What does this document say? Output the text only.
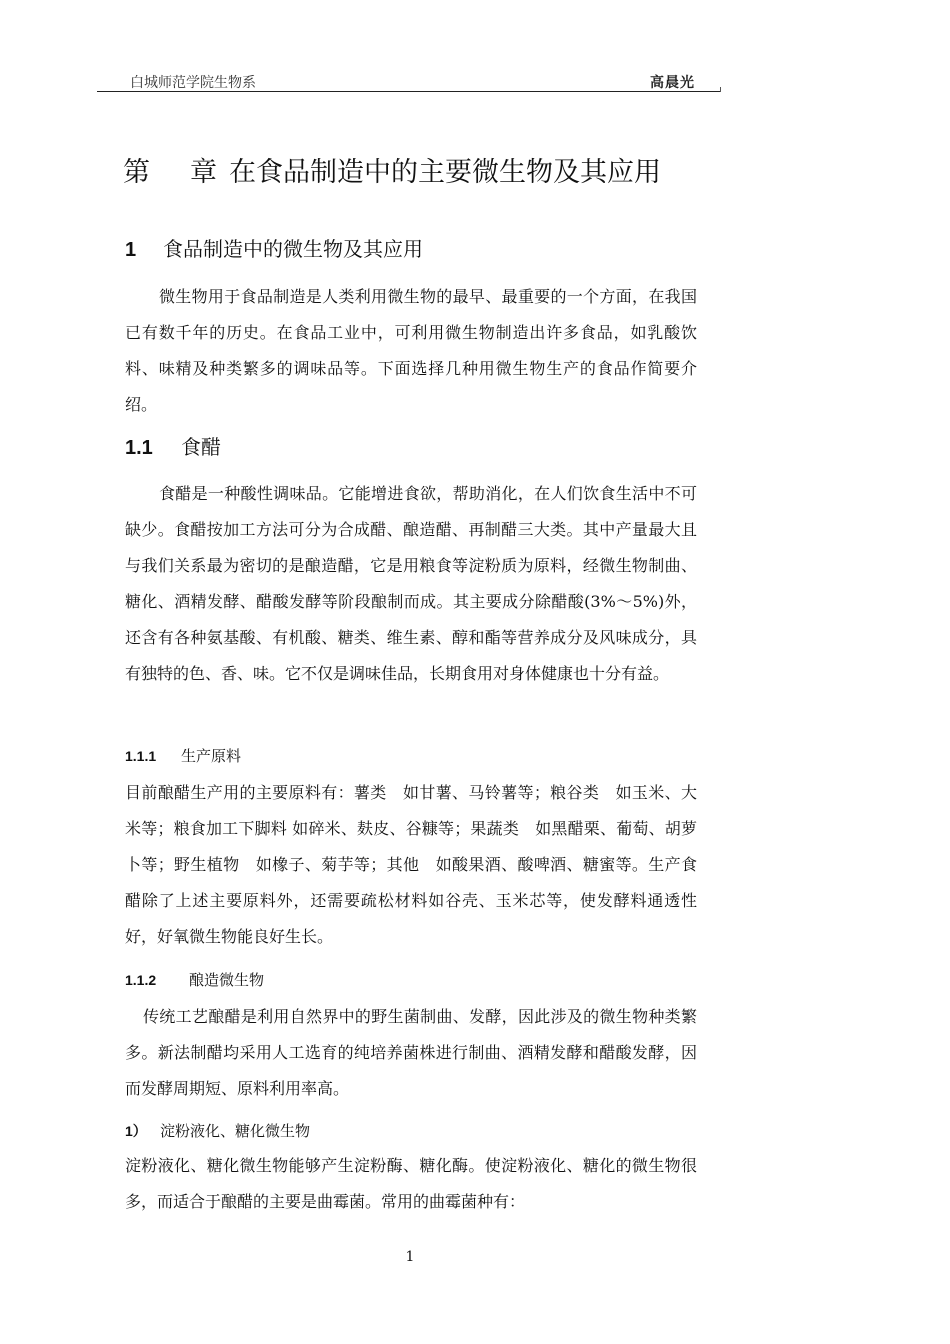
白城师范学院生物系	高晨光
第 章 在食品制造中的主要微生物及其应用
1 食品制造中的微生物及其应用
微生物用于食品制造是人类利用微生物的最早、最重要的一个方面，在我国已有数千年的历史。在食品工业中，可利用微生物制造出许多食品，如乳酸饮料、味精及种类繁多的调味品等。下面选择几种用微生物生产的食品作简要介绍。
1.1 食醋
食醋是一种酸性调味品。它能增进食欲，帮助消化，在人们饮食生活中不可缺少。食醋按加工方法可分为合成醋、酿造醋、再制醋三大类。其中产量最大且与我们关系最为密切的是酿造醋，它是用粮食等淀粉质为原料，经微生物制曲、糖化、酒精发酵、醋酸发酵等阶段酿制而成。其主要成分除醋酸(3%～5%)外，还含有各种氨基酸、有机酸、糖类、维生素、醇和酯等营养成分及风味成分，具有独特的色、香、味。它不仅是调味佳品，长期食用对身体健康也十分有益。
1.1.1 生产原料
目前酿醋生产用的主要原料有：薯类　如甘薯、马铃薯等；粮谷类　如玉米、大米等；粮食加工下脚料 如碎米、麸皮、谷糠等；果蔬类　如黑醋栗、葡萄、胡萝卜等；野生植物　如橡子、菊芋等；其他　如酸果酒、酸啤酒、糖蜜等。生产食醋除了上述主要原料外，还需要疏松材料如谷壳、玉米芯等，使发酵料通透性好，好氧微生物能良好生长。
1.1.2 酿造微生物
传统工艺酿醋是利用自然界中的野生菌制曲、发酵，因此涉及的微生物种类繁多。新法制醋均采用人工选育的纯培养菌株进行制曲、酒精发酵和醋酸发酵，因而发酵周期短、原料利用率高。
1） 淀粉液化、糖化微生物
淀粉液化、糖化微生物能够产生淀粉酶、糖化酶。使淀粉液化、糖化的微生物很多，而适合于酿醋的主要是曲霉菌。常用的曲霉菌种有：
1
